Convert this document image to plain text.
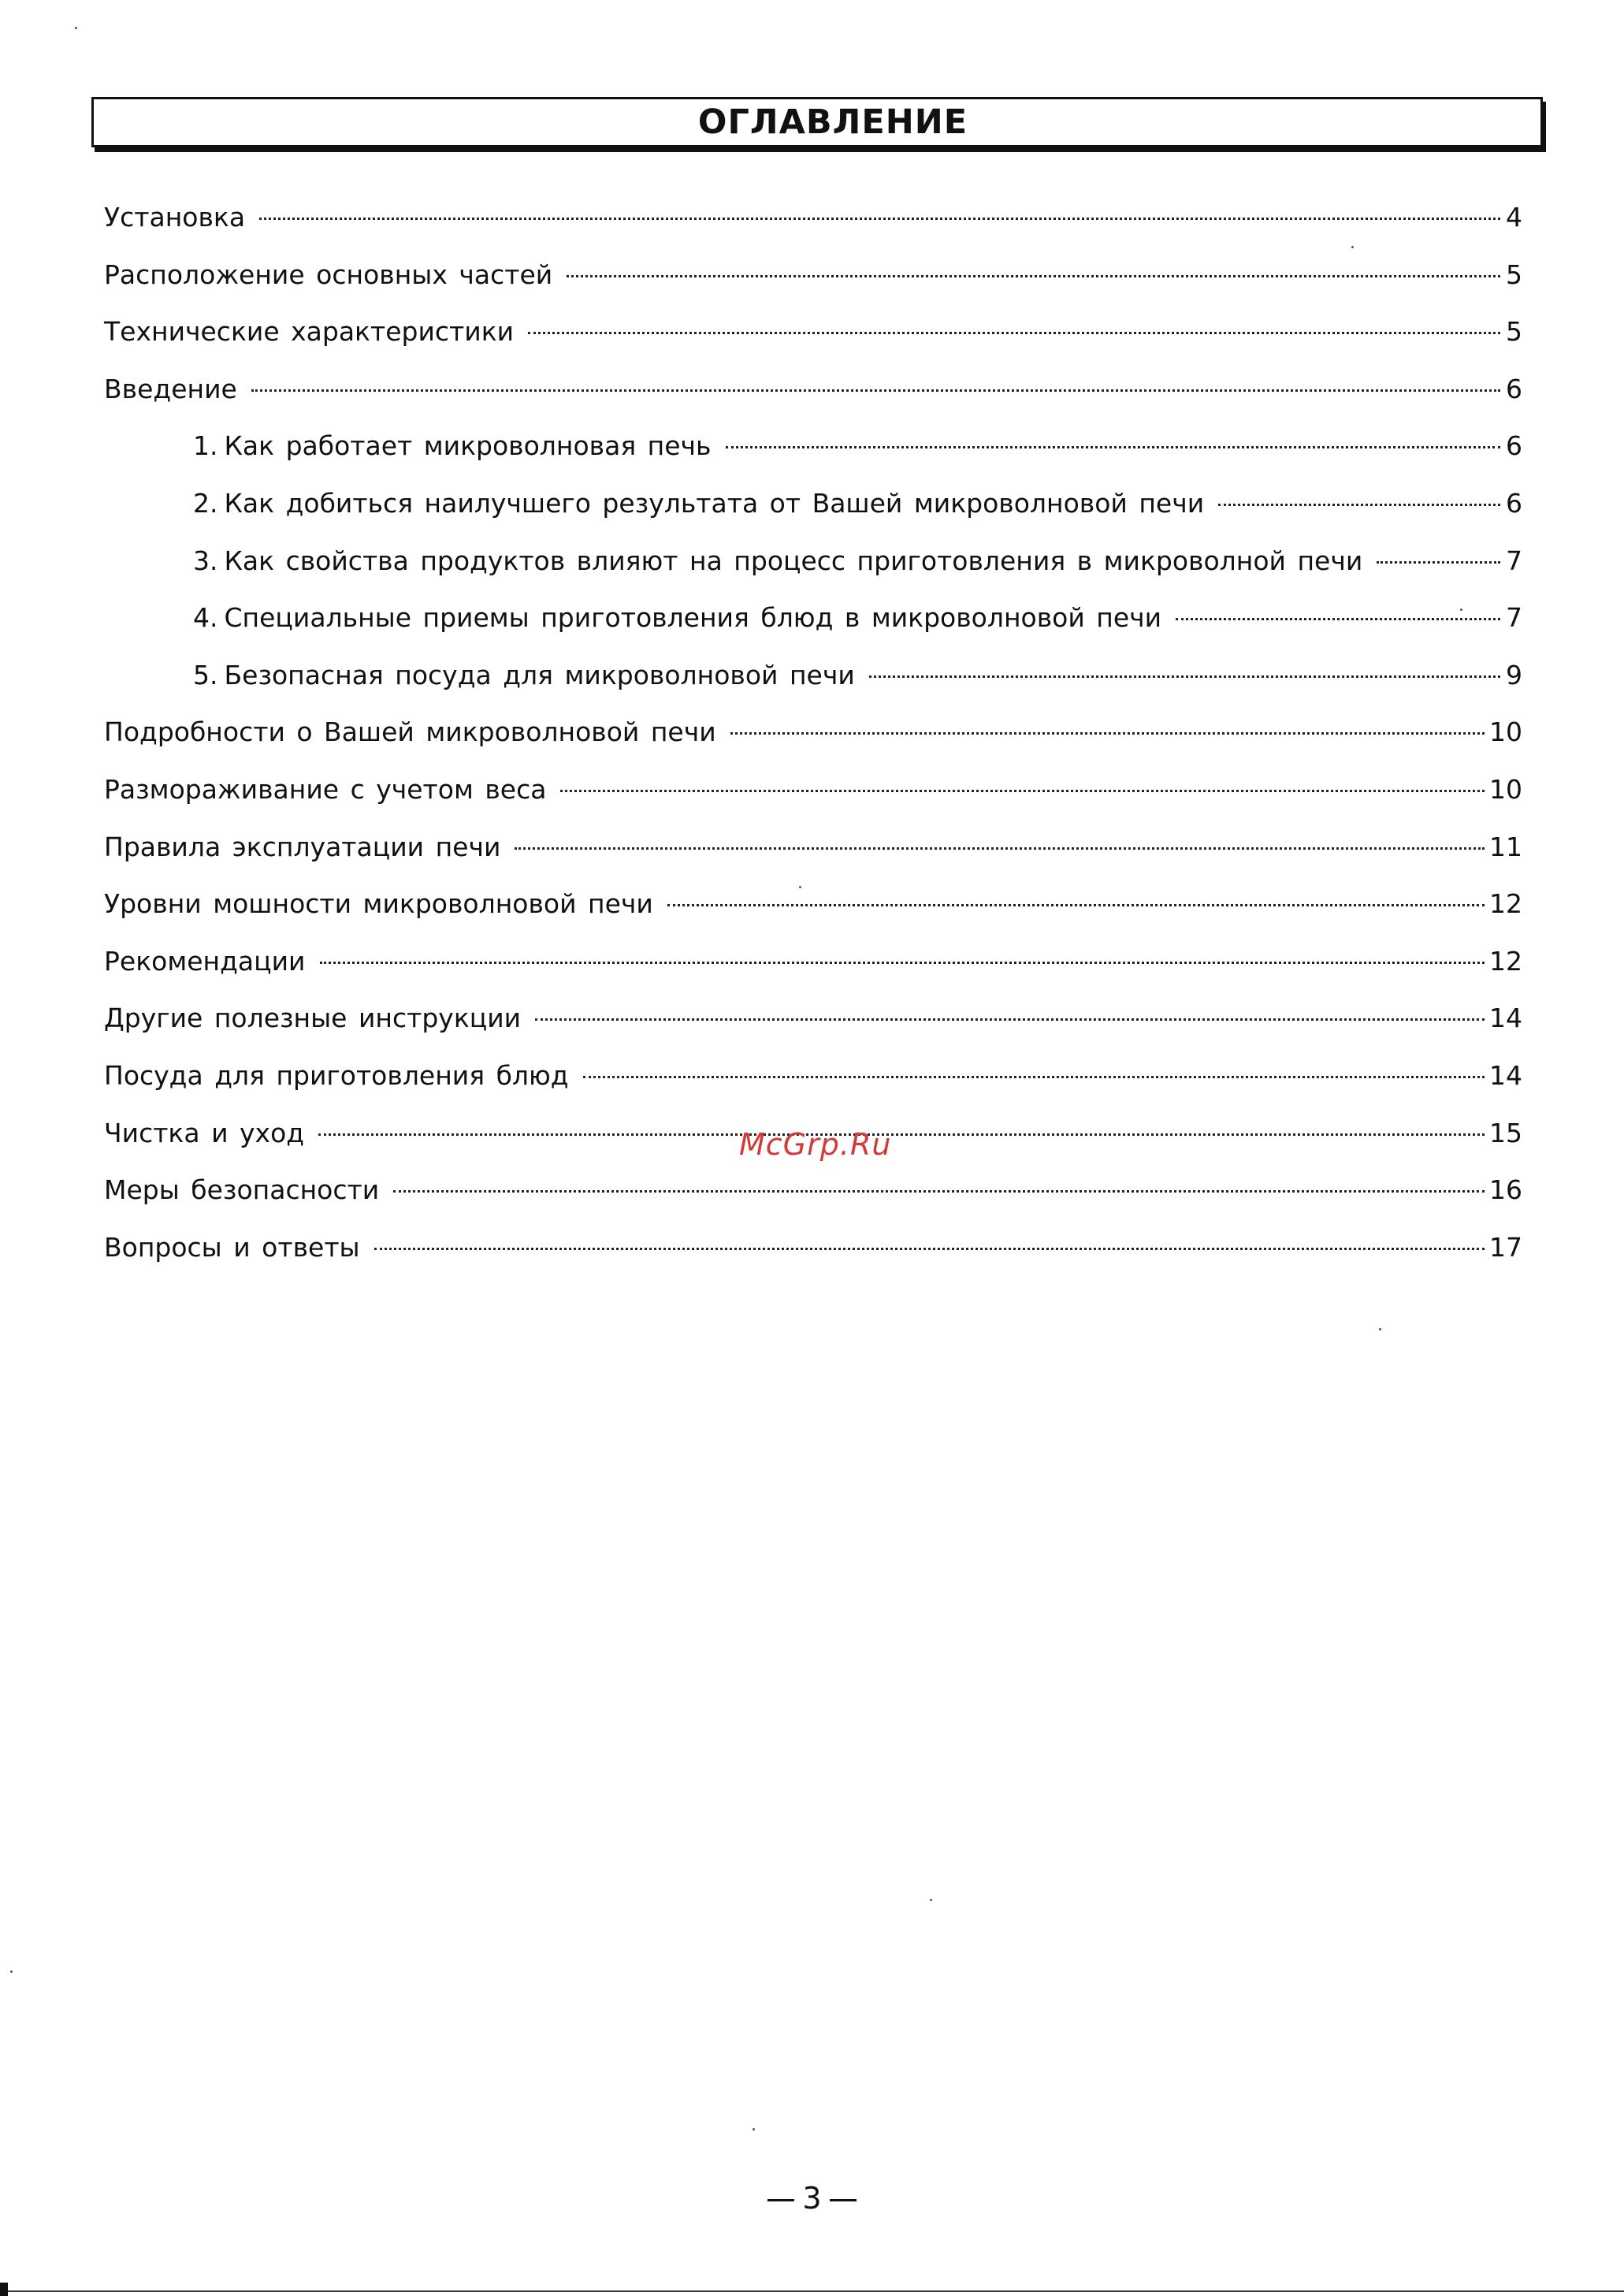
ОГЛАВЛЕНИЕ
Установка	4
Расположение основных частей	5
Технические характеристики	5
Введение	6
1. Как работает микроволновая печь	6
2. Как добиться наилучшего результата от Вашей микроволновой печи	6
3. Как свойства продуктов влияют на процесс приготовления в микроволной печи	7
4. Специальные приемы приготовления блюд в микроволновой печи	7
5. Безопасная посуда для микроволновой печи	9
Подробности о Вашей микроволновой печи	10
Размораживание с учетом веса	10
Правила эксплуатации печи	11
Уровни мошности микроволновой печи	12
Рекомендации	12
Другие полезные инструкции	14
Посуда для приготовления блюд	14
Чистка и уход	15
Меры безопасности	16
Вопросы и ответы	17
McGrp.Ru
3
